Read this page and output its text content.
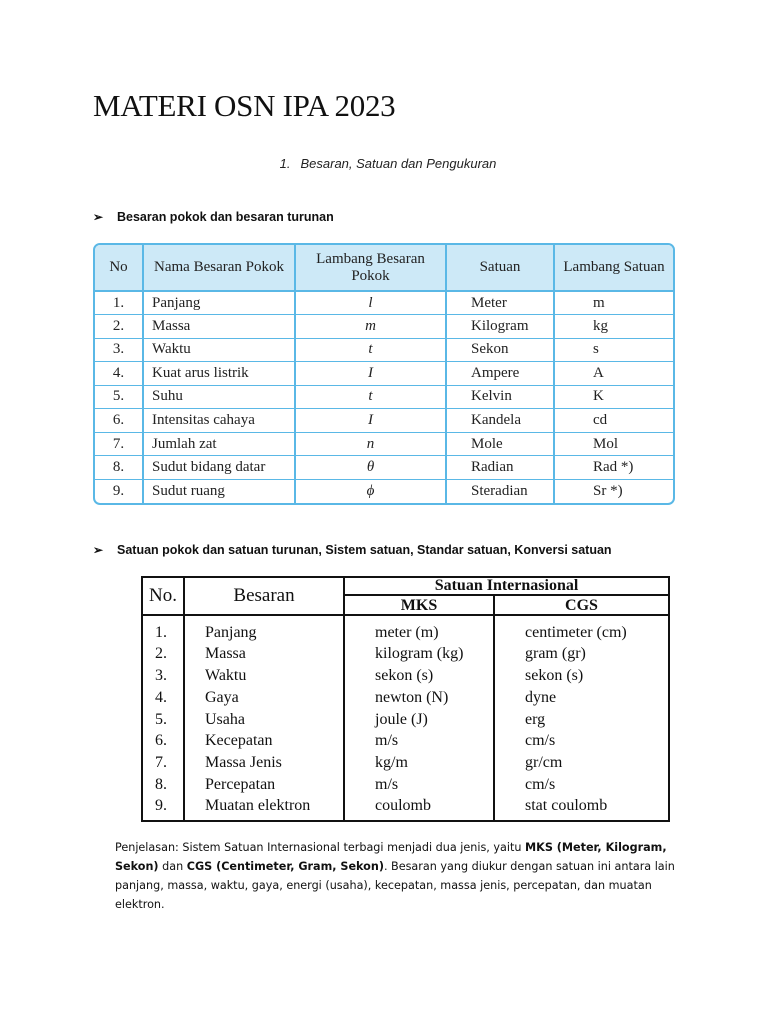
MATERI OSN IPA 2023
1. Besaran, Satuan dan Pengukuran
➢ Besaran pokok dan besaran turunan
No	Nama Besaran Pokok	Lambang Besaran Pokok	Satuan	Lambang Satuan
1.	Panjang	l	Meter	m
2.	Massa	m	Kilogram	kg
3.	Waktu	t	Sekon	s
4.	Kuat arus listrik	I	Ampere	A
5.	Suhu	t	Kelvin	K
6.	Intensitas cahaya	I	Kandela	cd
7.	Jumlah zat	n	Mole	Mol
8.	Sudut bidang datar	θ	Radian	Rad *)
9.	Sudut ruang	ϕ	Steradian	Sr *)
➢ Satuan pokok dan satuan turunan, Sistem satuan, Standar satuan, Konversi satuan
No.	Besaran	Satuan Internasional	
		MKS	CGS
1.	Panjang	meter (m)	centimeter (cm)
2.	Massa	kilogram (kg)	gram (gr)
3.	Waktu	sekon (s)	sekon (s)
4.	Gaya	newton (N)	dyne
5.	Usaha	joule (J)	erg
6.	Kecepatan	m/s	cm/s
7.	Massa Jenis	kg/m	gr/cm
8.	Percepatan	m/s	cm/s
9.	Muatan elektron	coulomb	stat coulomb

Penjelasan: Sistem Satuan Internasional terbagi menjadi dua jenis, yaitu MKS (Meter, Kilogram, Sekon) dan CGS (Centimeter, Gram, Sekon). Besaran yang diukur dengan satuan ini antara lain panjang, massa, waktu, gaya, energi (usaha), kecepatan, massa jenis, percepatan, dan muatan elektron.
